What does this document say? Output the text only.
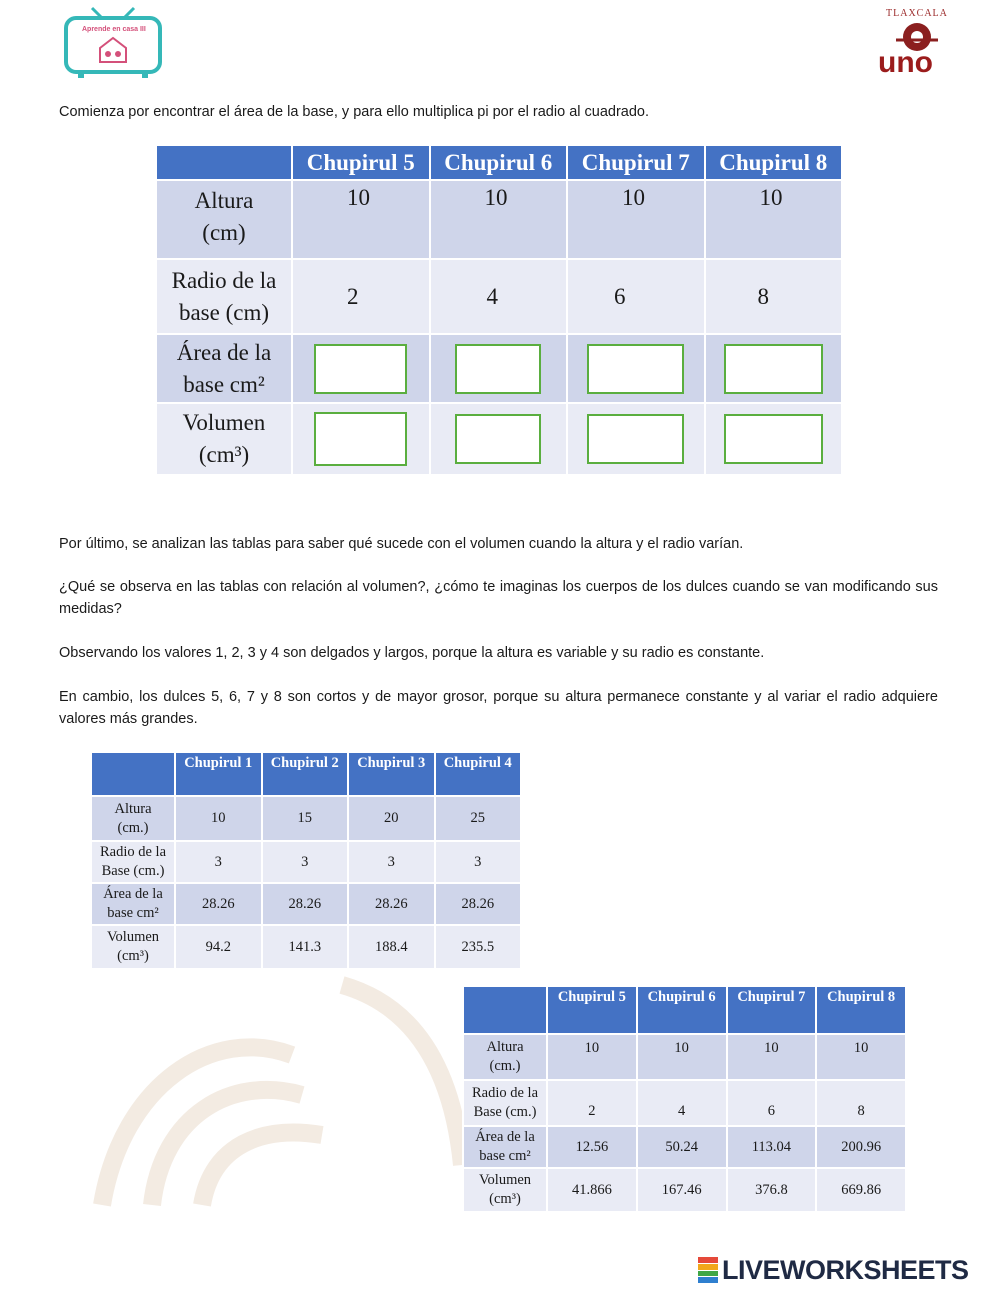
Aprende en casa III
TLAXCALA
uno
Comienza por encontrar el área de la base, y para ello multiplica pi por el radio al cuadrado.
	Chupirul 5	Chupirul 6	Chupirul 7	Chupirul 8
Altura
(cm)	10	10	10	10
Radio de la
base (cm)	2	4	6	8
Área de la
base cm²	

Volumen
(cm³)	

Por último, se analizan las tablas para saber qué sucede con el volumen cuando la altura y el radio varían.
¿Qué se observa en las tablas con relación al volumen?, ¿cómo te imaginas los cuerpos de los dulces cuando se van modificando sus medidas?
Observando los valores 1, 2, 3 y 4 son delgados y largos, porque la altura es variable y su radio es constante.
En cambio, los dulces 5, 6, 7 y 8 son cortos y de mayor grosor, porque su altura permanece constante y al variar el radio adquiere valores más grandes.
	Chupirul 1	Chupirul 2	Chupirul 3	Chupirul 4
Altura
(cm.)	10	15	20	25
Radio de la
Base (cm.)	3	3	3	3
Área de la
base cm²	28.26	28.26	28.26	28.26
Volumen
(cm³)	94.2	141.3	188.4	235.5
	Chupirul 5	Chupirul 6	Chupirul 7	Chupirul 8
Altura
(cm.)	10	10	10	10
Radio de la
Base (cm.)	2	4	6	8
Área de la
base cm²	12.56	50.24	113.04	200.96
Volumen
(cm³)	41.866	167.46	376.8	669.86
LIVEWORKSHEETS
